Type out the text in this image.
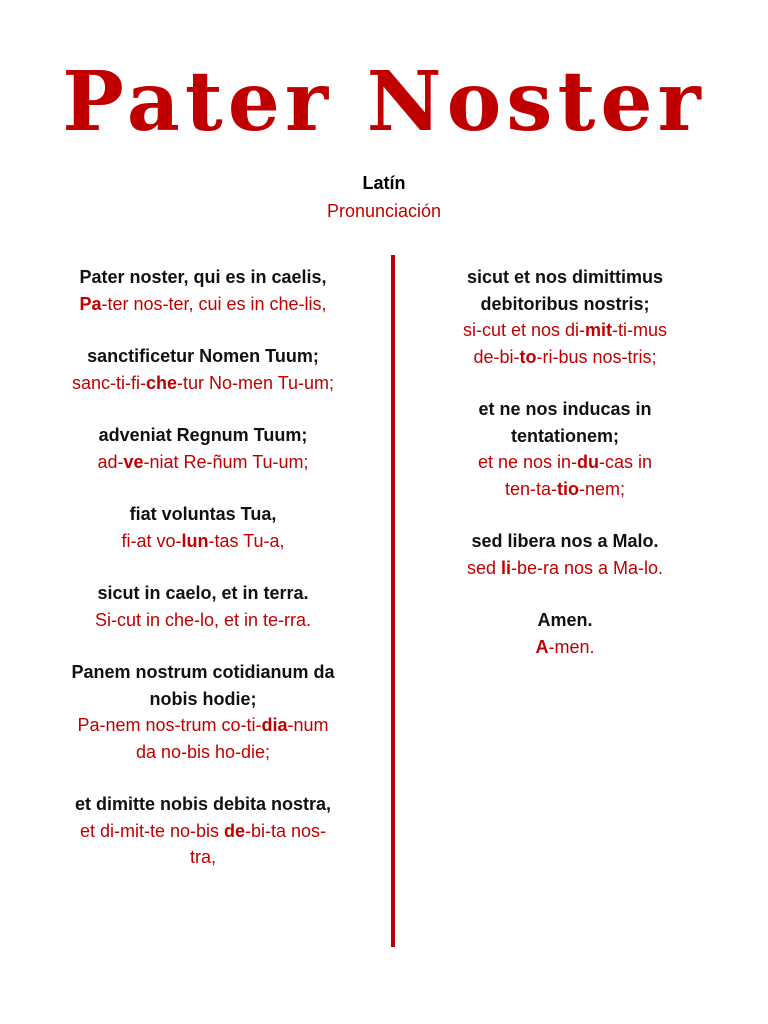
Pater Noster
Latín
Pronunciación
Pater noster, qui es in caelis,
Pa-ter nos-ter, cui es in che-lis,
sanctificetur Nomen Tuum;
sanc-ti-fi-che-tur No-men Tu-um;
adveniat Regnum Tuum;
ad-ve-niat Re-ñum Tu-um;
fiat voluntas Tua,
fi-at vo-lun-tas Tu-a,
sicut in caelo, et in terra.
Si-cut in che-lo, et in te-rra.
Panem nostrum cotidianum da
nobis hodie;
Pa-nem nos-trum co-ti-dia-num
da no-bis ho-die;
et dimitte nobis debita nostra,
et di-mit-te no-bis de-bi-ta nos-
tra,
sicut et nos dimittimus
debitoribus nostris;
si-cut et nos di-mit-ti-mus
de-bi-to-ri-bus nos-tris;
et ne nos inducas in
tentationem;
et ne nos in-du-cas in
ten-ta-tio-nem;
sed libera nos a Malo.
sed li-be-ra nos a Ma-lo.
Amen.
A-men.
